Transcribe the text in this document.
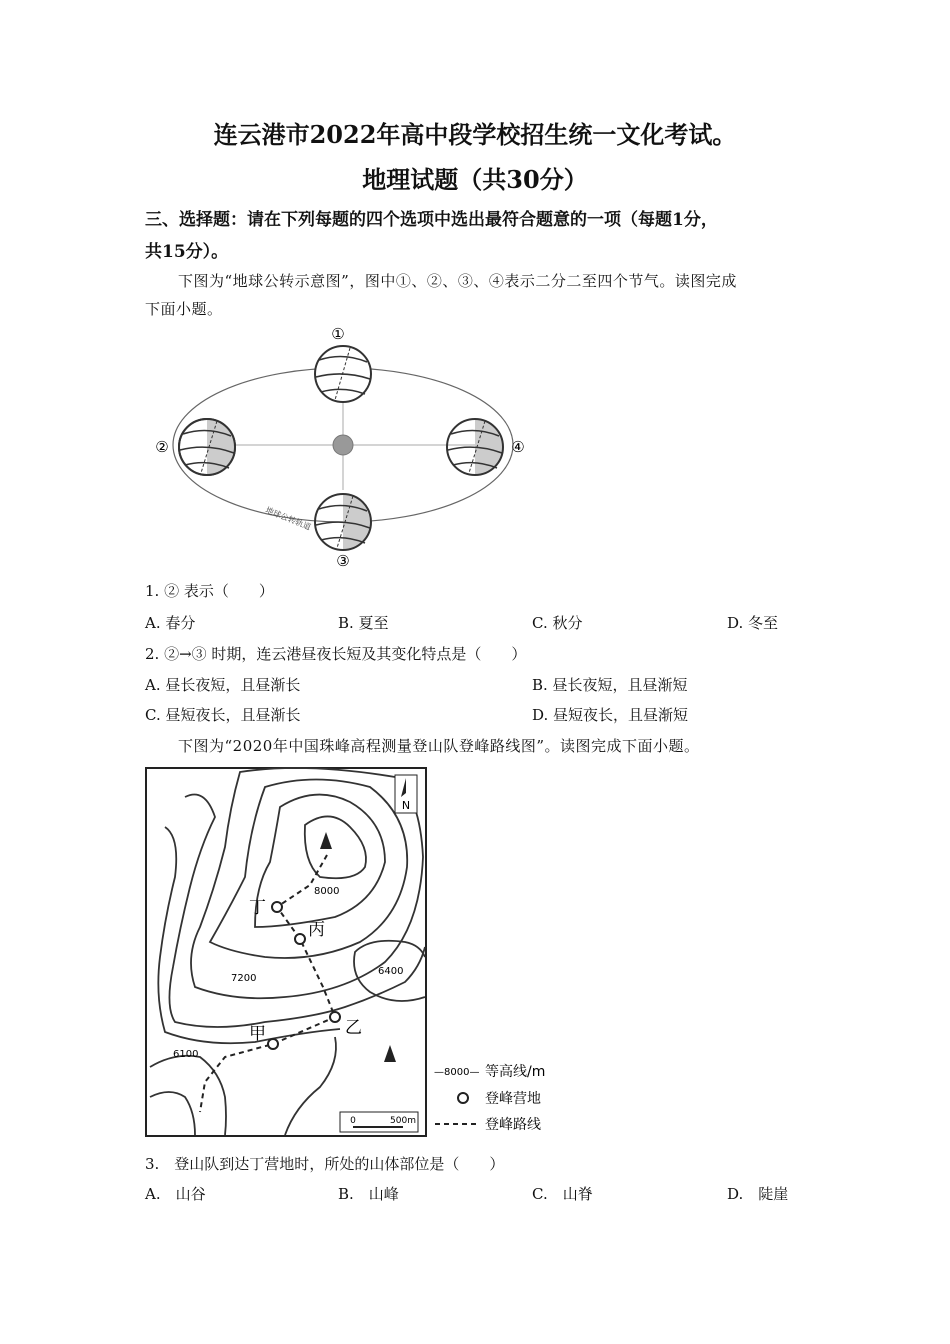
连云港市2022年高中段学校招生统一文化考试。
地理试题（共30分）
三、选择题：请在下列每题的四个选项中选出最符合题意的一项（每题1分，
共15分）。
下图为“地球公转示意图”，图中①、②、③、④表示二分二至四个节气。读图完成
下面小题。
①
②	④
③
地球公转轨道
1. ② 表示（　　）
A. 春分	B. 夏至	C. 秋分	D. 冬至
2. ②→③ 时期，连云港昼夜长短及其变化特点是（　　）
A. 昼长夜短，且昼渐长	B. 昼长夜短，且昼渐短
C. 昼短夜长，且昼渐长	D. 昼短夜长，且昼渐短
下图为“2020年中国珠峰高程测量登山队登峰路线图”。读图完成下面小题。
丁
丙
乙
甲
8000
7200
6400
6100
N
0	500m
—8000— 等高线/m
登峰营地
登峰路线
3.　登山队到达丁营地时，所处的山体部位是（　　）
A.　山谷	B.　山峰	C.　山脊	D.　陡崖
